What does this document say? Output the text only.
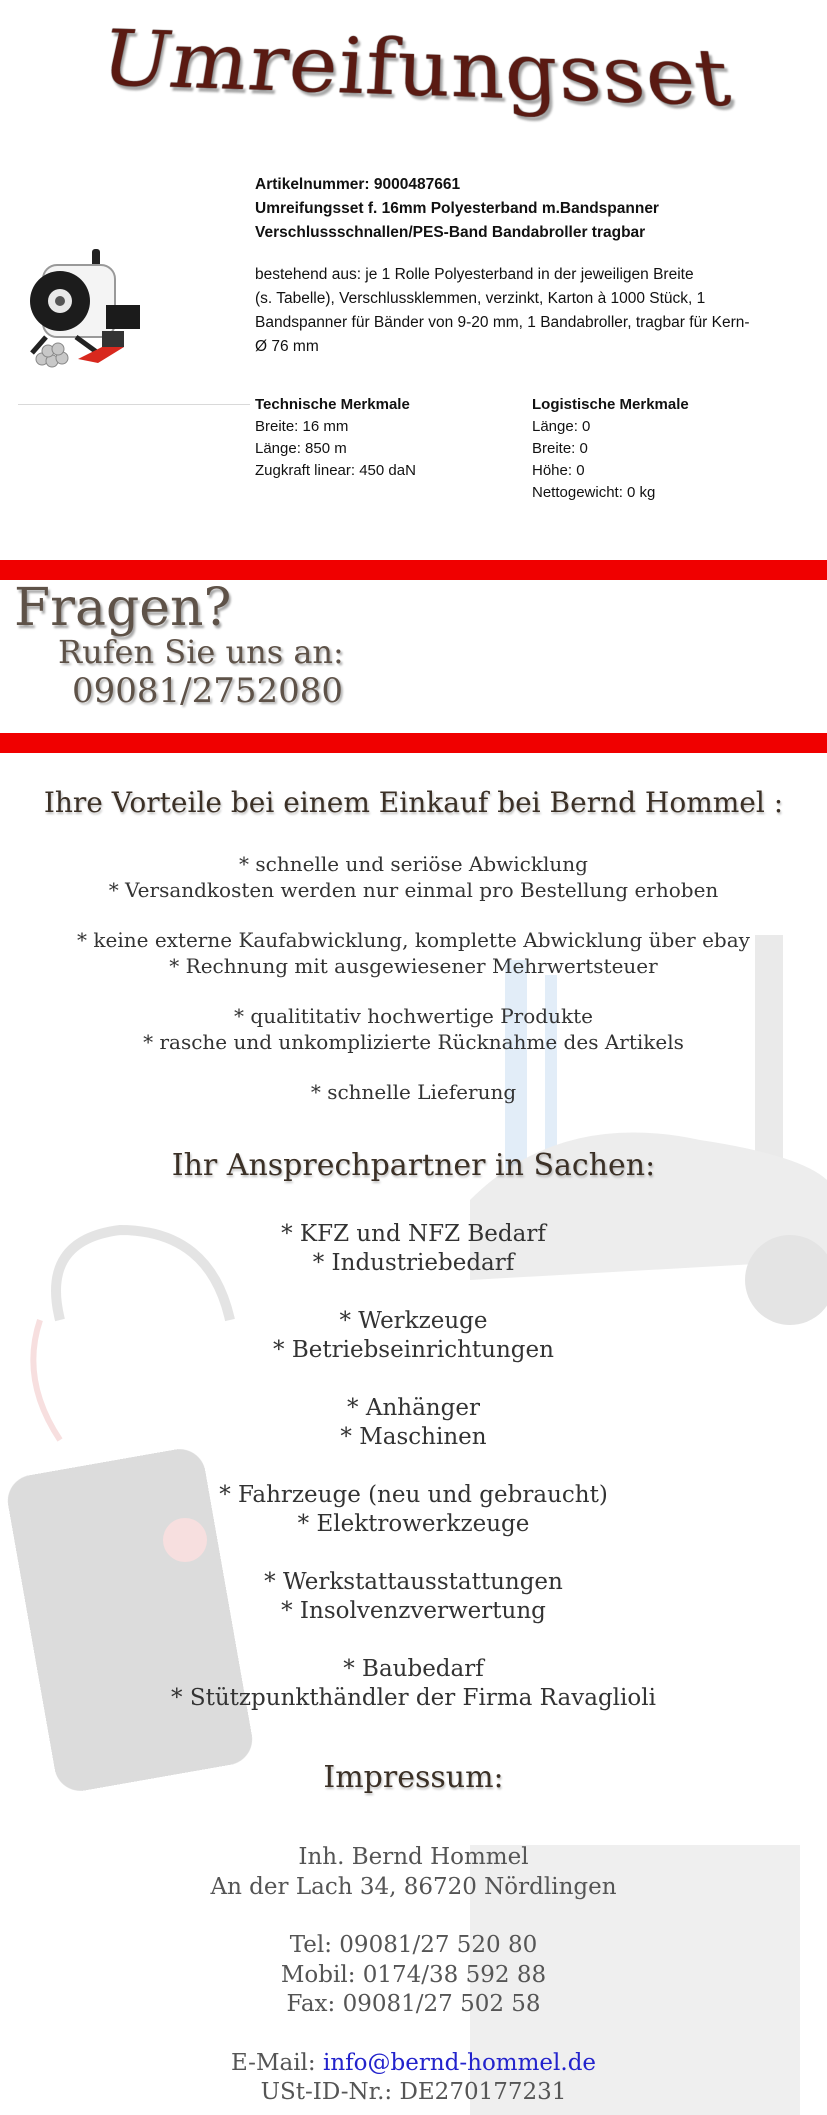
Umreifungsset
Artikelnummer: 9000487661
Umreifungsset f. 16mm Polyesterband m.Bandspanner
Verschlussschnallen/PES-Band Bandabroller tragbar
bestehend aus: je 1 Rolle Polyesterband in der jeweiligen Breite
(s. Tabelle), Verschlussklemmen, verzinkt, Karton à 1000 Stück, 1
Bandspanner für Bänder von 9-20 mm, 1 Bandabroller, tragbar für Kern-
Ø 76 mm
Technische Merkmale
Breite: 16 mm
Länge: 850 m
Zugkraft linear: 450 daN
Logistische Merkmale
Länge: 0
Breite: 0
Höhe: 0
Nettogewicht: 0 kg
Fragen?
Rufen Sie uns an:
09081/2752080
Ihre Vorteile bei einem Einkauf bei Bernd Hommel :
* schnelle und seriöse Abwicklung
* Versandkosten werden nur einmal pro Bestellung erhoben
* keine externe Kaufabwicklung, komplette Abwicklung über ebay
* Rechnung mit ausgewiesener Mehrwertsteuer
* qualititativ hochwertige Produkte
* rasche und unkomplizierte Rücknahme des Artikels
* schnelle Lieferung
Ihr Ansprechpartner in Sachen:
* KFZ und NFZ Bedarf
* Industriebedarf
* Werkzeuge
* Betriebseinrichtungen
* Anhänger
* Maschinen
* Fahrzeuge (neu und gebraucht)
* Elektrowerkzeuge
* Werkstattausstattungen
* Insolvenzverwertung
* Baubedarf
* Stützpunkthändler der Firma Ravaglioli
Impressum:
Inh. Bernd Hommel
An der Lach 34, 86720 Nördlingen
Tel: 09081/27 520 80
Mobil: 0174/38 592 88
Fax: 09081/27 502 58
E-Mail: info@bernd-hommel.de
USt-ID-Nr.: DE270177231
